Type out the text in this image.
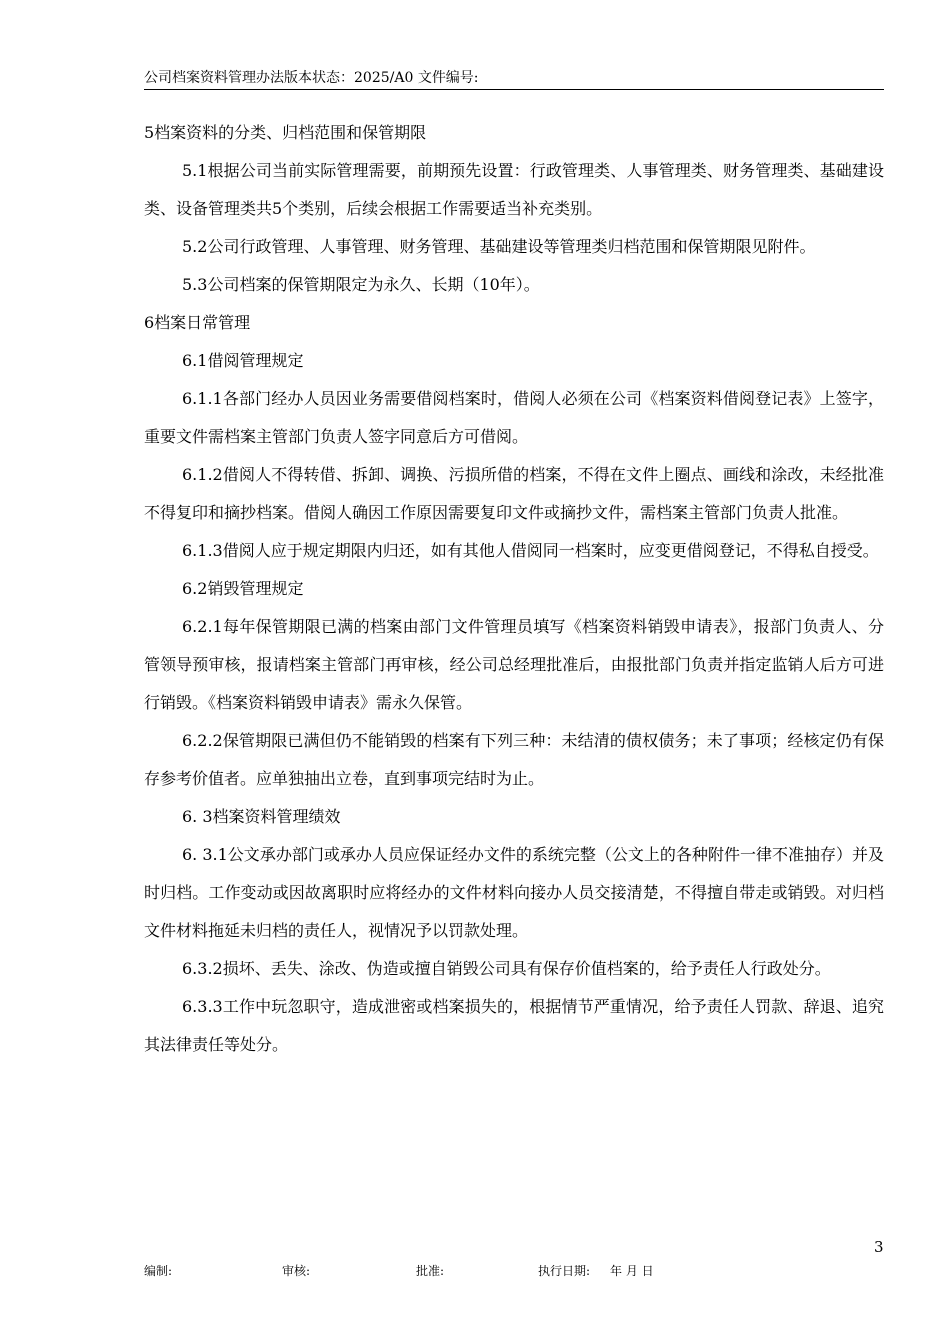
公司档案资料管理办法版本状态：2025/A0 文件编号:

5档案资料的分类、归档范围和保管期限

5.1根据公司当前实际管理需要，前期预先设置：行政管理类、人事管理类、财务管理类、基础建设类、设备管理类共5个类别，后续会根据工作需要适当补充类别。

5.2公司行政管理、人事管理、财务管理、基础建设等管理类归档范围和保管期限见附件。

5.3公司档案的保管期限定为永久、长期（10年）。

6档案日常管理

6.1借阅管理规定

6.1.1各部门经办人员因业务需要借阅档案时，借阅人必须在公司《档案资料借阅登记表》上签字，重要文件需档案主管部门负责人签字同意后方可借阅。

6.1.2借阅人不得转借、拆卸、调换、污损所借的档案，不得在文件上圈点、画线和涂改，未经批准不得复印和摘抄档案。借阅人确因工作原因需要复印文件或摘抄文件，需档案主管部门负责人批准。

6.1.3借阅人应于规定期限内归还，如有其他人借阅同一档案时，应变更借阅登记，不得私自授受。

6.2销毁管理规定

6.2.1每年保管期限已满的档案由部门文件管理员填写《档案资料销毁申请表》，报部门负责人、分管领导预审核，报请档案主管部门再审核，经公司总经理批准后，由报批部门负责并指定监销人后方可进行销毁。《档案资料销毁申请表》需永久保管。

6.2.2保管期限已满但仍不能销毁的档案有下列三种：未结清的债权债务；未了事项；经核定仍有保存参考价值者。应单独抽出立卷，直到事项完结时为止。

6. 3档案资料管理绩效

6. 3.1公文承办部门或承办人员应保证经办文件的系统完整（公文上的各种附件一律不准抽存）并及时归档。工作变动或因故离职时应将经办的文件材料向接办人员交接清楚，不得擅自带走或销毁。对归档文件材料拖延未归档的责任人，视情况予以罚款处理。

6.3.2损坏、丢失、涂改、伪造或擅自销毁公司具有保存价值档案的，给予责任人行政处分。

6.3.3工作中玩忽职守，造成泄密或档案损失的，根据情节严重情况，给予责任人罚款、辞退、追究其法律责任等处分。

3
编制:	审核:	批准:	执行日期: 年 月 日
